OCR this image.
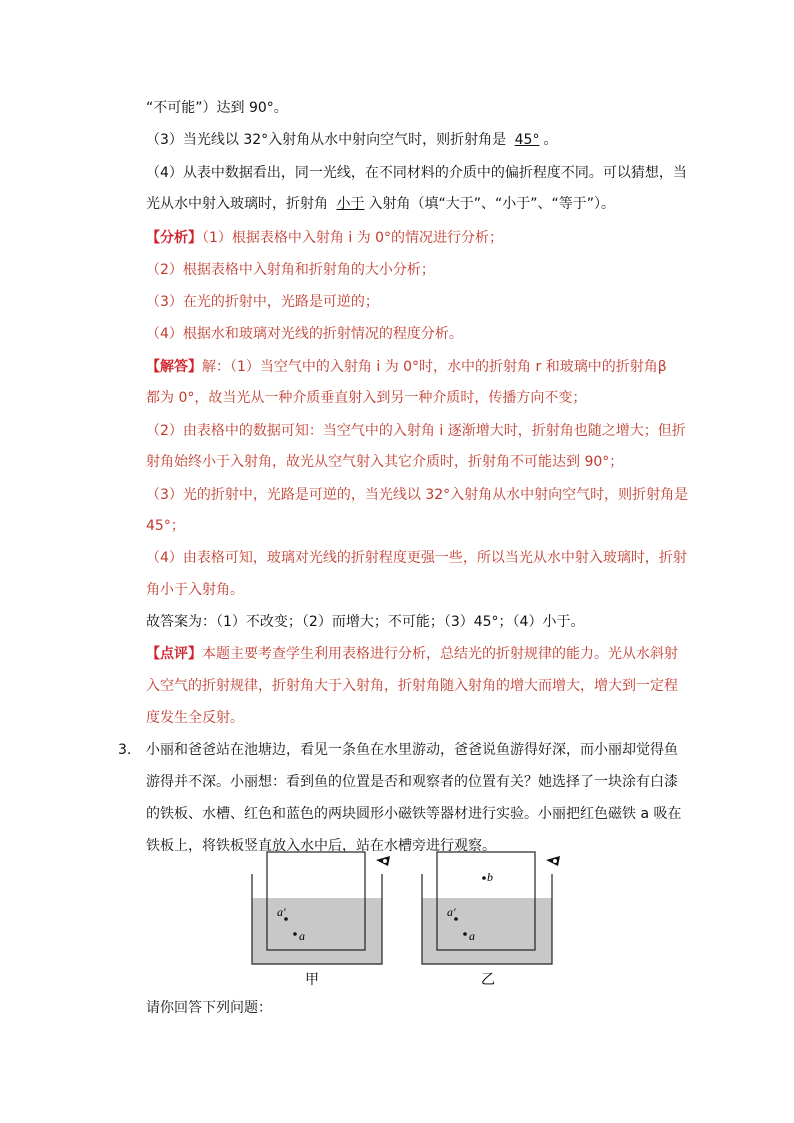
“不可能”）达到 90°。
（3）当光线以 32°入射角从水中射向空气时，则折射角是 45° 。
（4）从表中数据看出，同一光线，在不同材料的介质中的偏折程度不同。可以猜想，当
光从水中射入玻璃时，折射角 小于 入射角（填“大于”、“小于”、“等于”）。
【分析】（1）根据表格中入射角 i 为 0°的情况进行分析；
（2）根据表格中入射角和折射角的大小分析；
（3）在光的折射中，光路是可逆的；
（4）根据水和玻璃对光线的折射情况的程度分析。
【解答】解：（1）当空气中的入射角 i 为 0°时，水中的折射角 r 和玻璃中的折射角β
都为 0°，故当光从一种介质垂直射入到另一种介质时，传播方向不变；
（2）由表格中的数据可知：当空气中的入射角 i 逐渐增大时，折射角也随之增大；但折
射角始终小于入射角，故光从空气射入其它介质时，折射角不可能达到 90°；
（3）光的折射中，光路是可逆的，当光线以 32°入射角从水中射向空气时，则折射角是
45°；
（4）由表格可知，玻璃对光线的折射程度更强一些，所以当光从水中射入玻璃时，折射
角小于入射角。
故答案为：（1）不改变；（2）而增大；不可能；（3）45°；（4）小于。
【点评】本题主要考查学生利用表格进行分析，总结光的折射规律的能力。光从水斜射
入空气的折射规律，折射角大于入射角，折射角随入射角的增大而增大，增大到一定程
度发生全反射。
3. 小丽和爸爸站在池塘边，看见一条鱼在水里游动，爸爸说鱼游得好深，而小丽却觉得鱼
游得并不深。小丽想：看到鱼的位置是否和观察者的位置有关？她选择了一块涂有白漆
的铁板、水槽、红色和蓝色的两块圆形小磁铁等器材进行实验。小丽把红色磁铁 a 吸在
铁板上，将铁板竖直放入水中后，站在水槽旁进行观察。
a′
a
b
a′
a
甲	乙
请你回答下列问题：
